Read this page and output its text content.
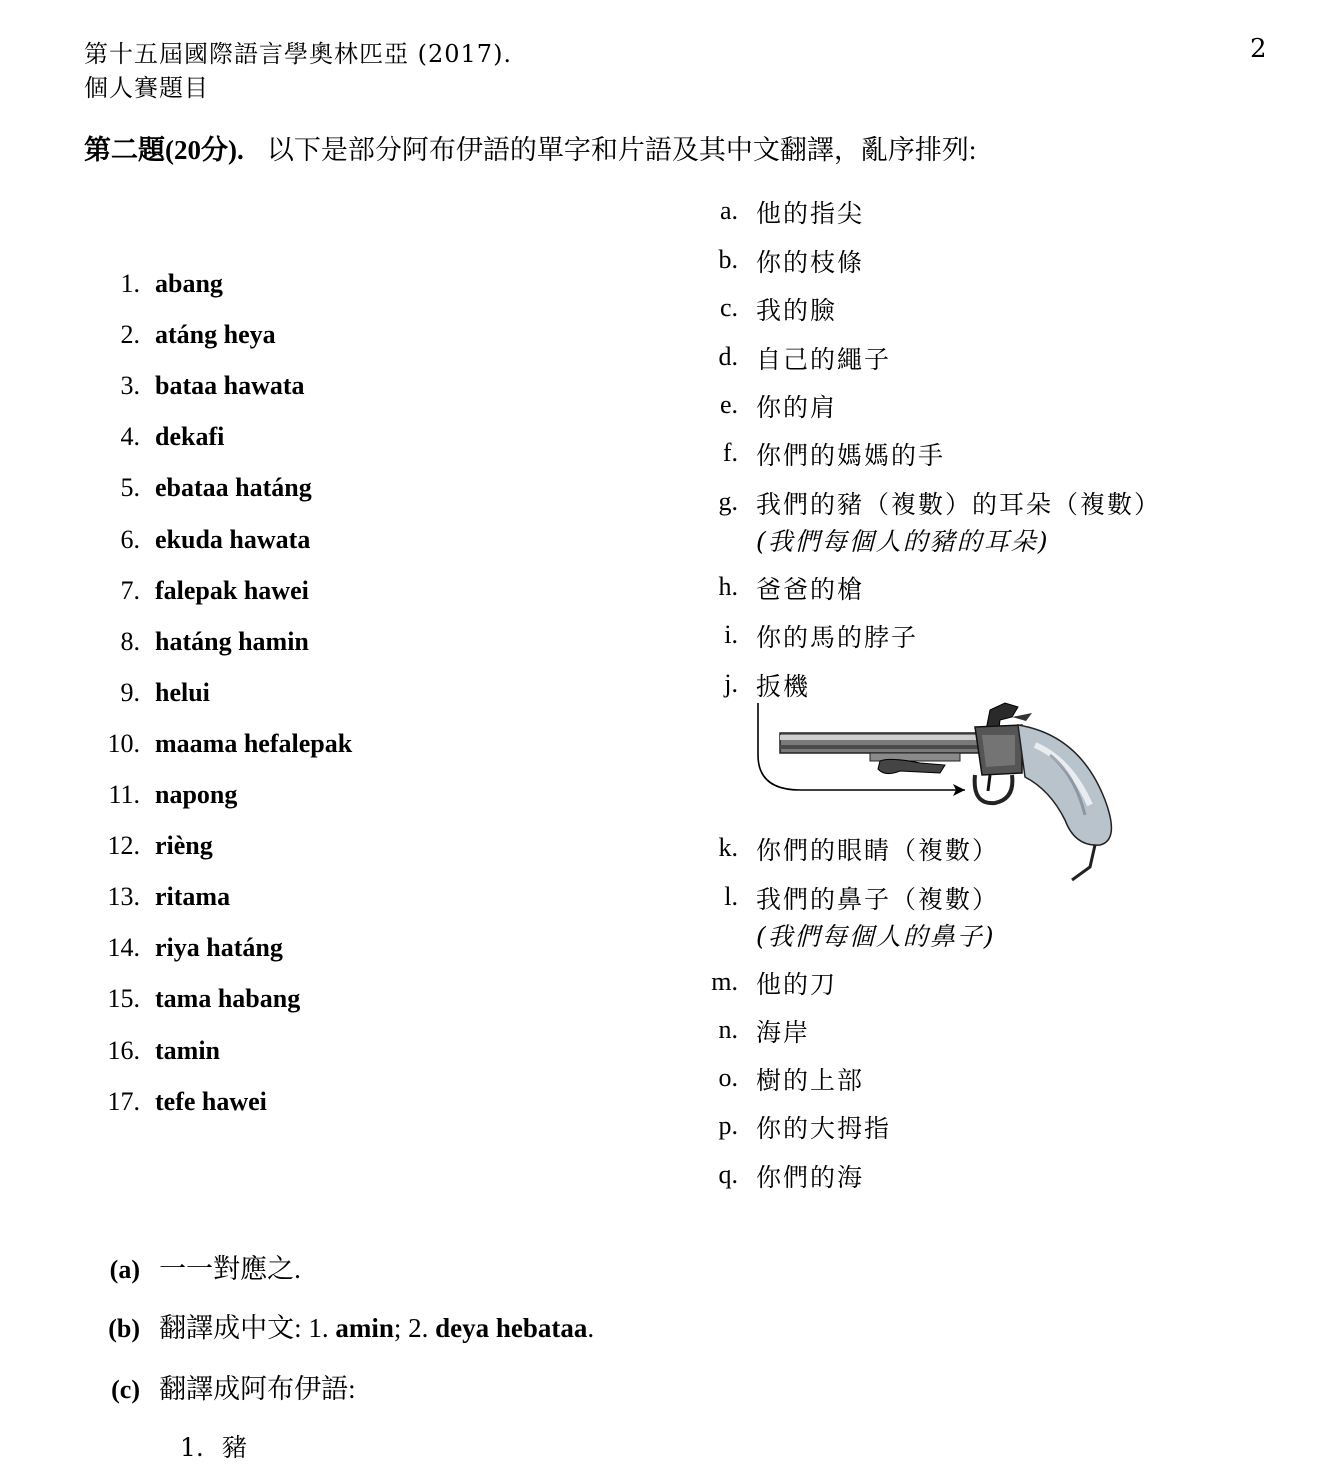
第十五屆國際語言學奧林匹亞 (2017).
個人賽題目
2
第二題(20分). 以下是部分阿布伊語的單字和片語及其中文翻譯，亂序排列:
1. abang
2. atáng heya
3. bataa hawata
4. dekafi
5. ebataa hatáng
6. ekuda hawata
7. falepak hawei
8. hatáng hamin
9. helui
10. maama hefalepak
11. napong
12. rièng
13. ritama
14. riya hatáng
15. tama habang
16. tamin
17. tefe hawei
a. 他的指尖
b. 你的枝條
c. 我的臉
d. 自己的繩子
e. 你的肩
f. 你們的媽媽的手
g. 我們的豬（複數）的耳朵（複數）
(我們每個人的豬的耳朵)
h. 爸爸的槍
i. 你的馬的脖子
j. 扳機
k. 你們的眼睛（複數）
l. 我們的鼻子（複數）
(我們每個人的鼻子)
m. 他的刀
n. 海岸
o. 樹的上部
p. 你的大拇指
q. 你們的海
(a) 一一對應之.
(b) 翻譯成中文: 1. amin; 2. deya hebataa.
(c) 翻譯成阿布伊語:
1. 豬
